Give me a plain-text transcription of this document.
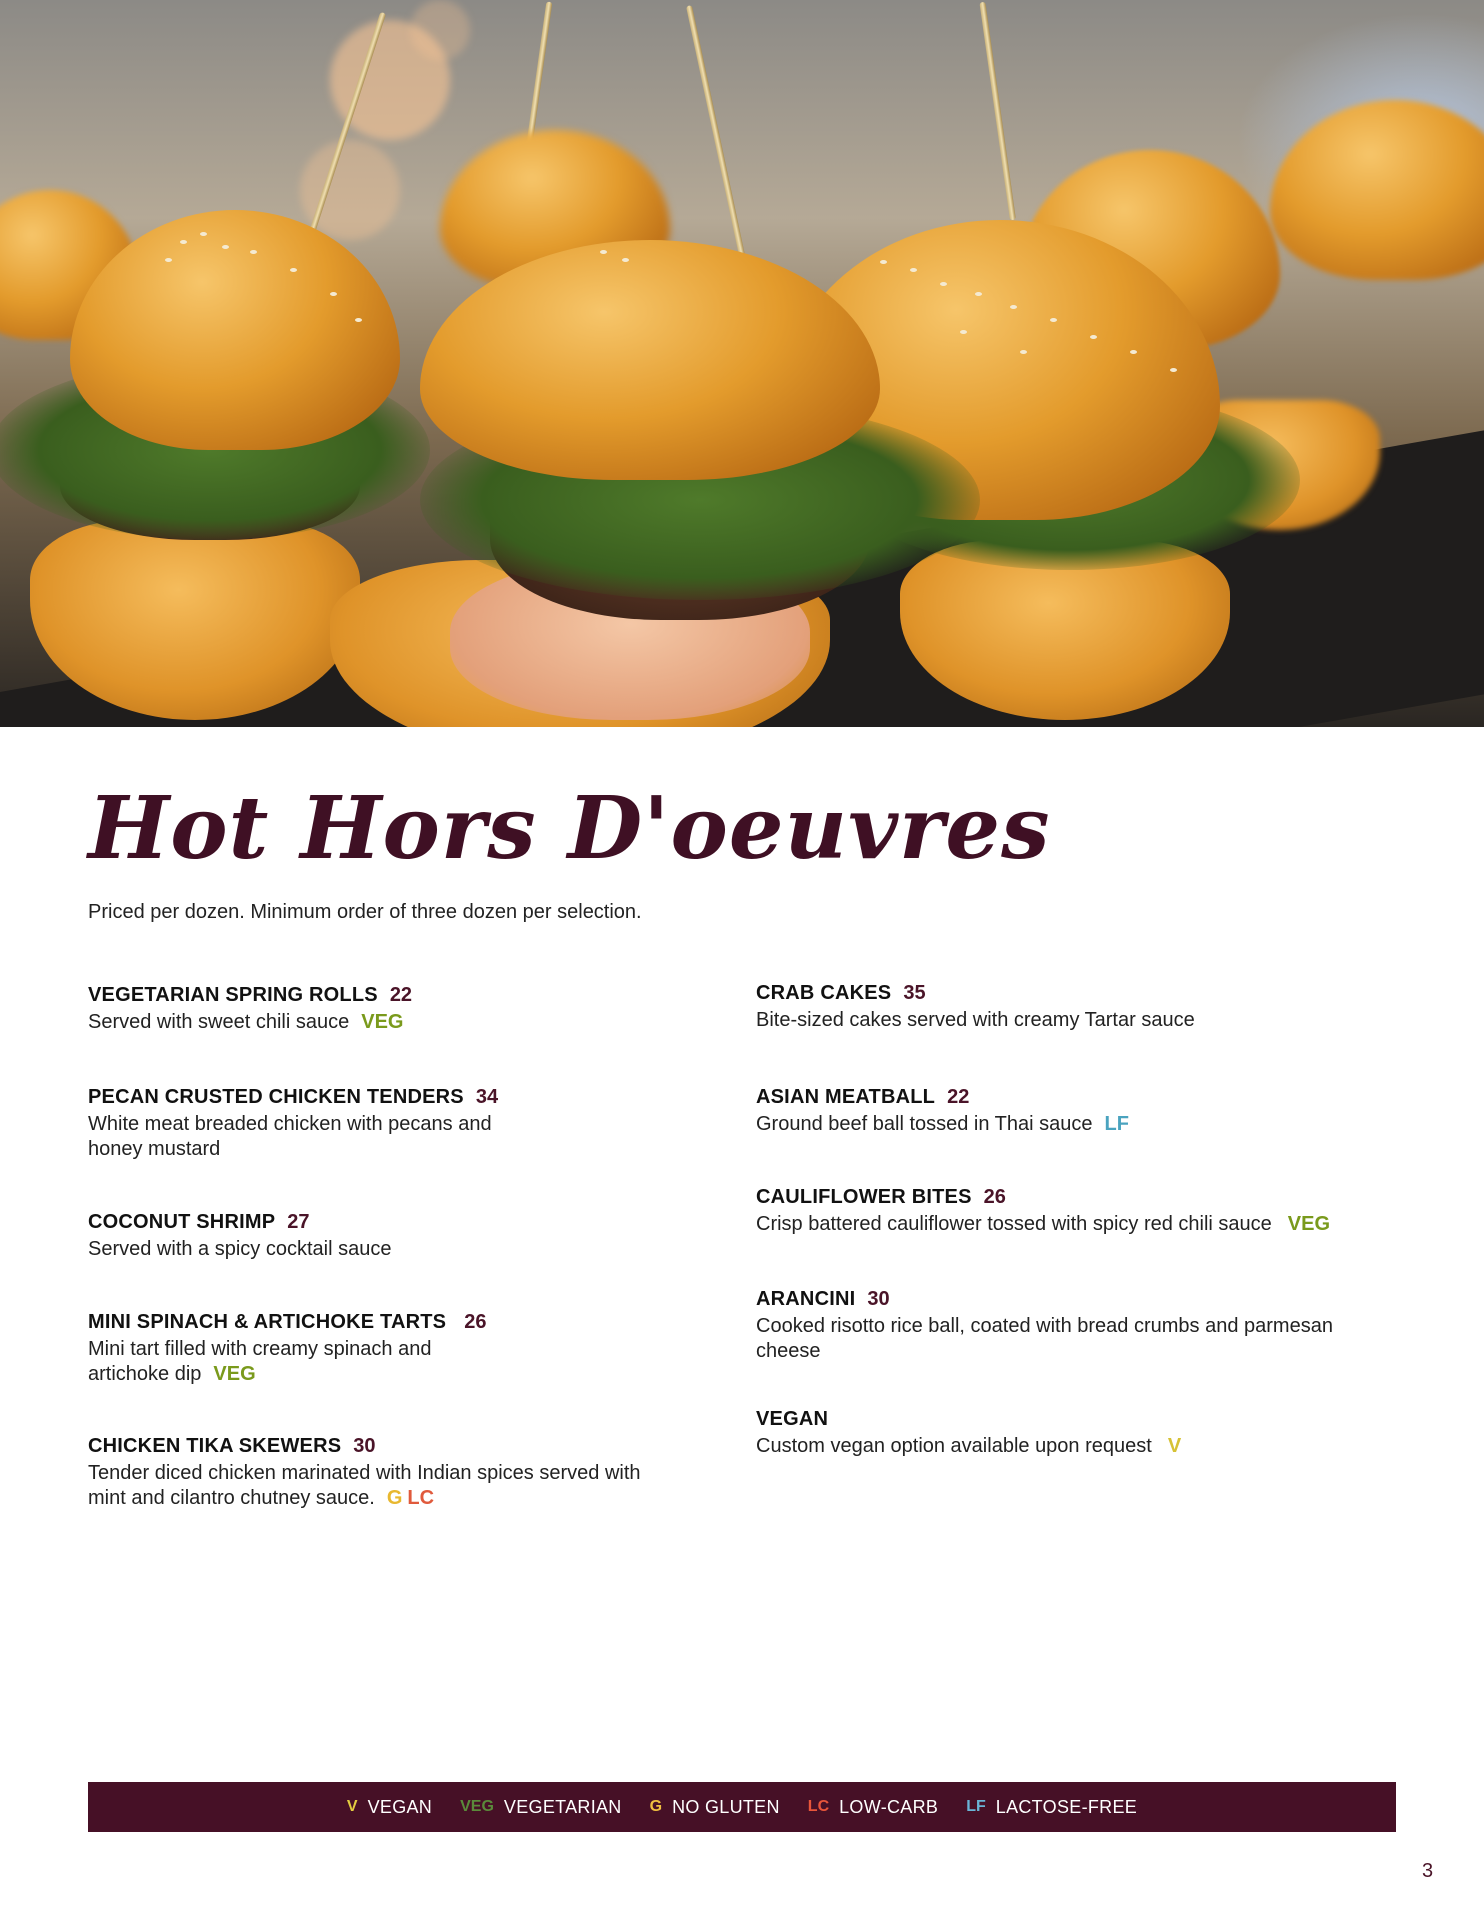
Hot Hors D'oeuvres

Priced per dozen. Minimum order of three dozen per selection.

VEGETARIAN SPRING ROLLS 22
Served with sweet chili sauce VEG
PECAN CRUSTED CHICKEN TENDERS 34
White meat breaded chicken with pecans and
honey mustard
COCONUT SHRIMP 27
Served with a spicy cocktail sauce
MINI SPINACH & ARTICHOKE TARTS 26
Mini tart filled with creamy spinach and
artichoke dip VEG
CHICKEN TIKA SKEWERS 30
Tender diced chicken marinated with Indian spices served with
mint and cilantro chutney sauce. G LC
CRAB CAKES 35
Bite-sized cakes served with creamy Tartar sauce
ASIAN MEATBALL 22
Ground beef ball tossed in Thai sauce LF
CAULIFLOWER BITES 26
Crisp battered cauliflower tossed with spicy red chili sauce VEG
ARANCINI 30
Cooked risotto rice ball, coated with bread crumbs and parmesan
cheese
VEGAN
Custom vegan option available upon request V
V VEGAN VEG VEGETARIAN G NO GLUTEN LC LOW-CARB LF LACTOSE-FREE
3
